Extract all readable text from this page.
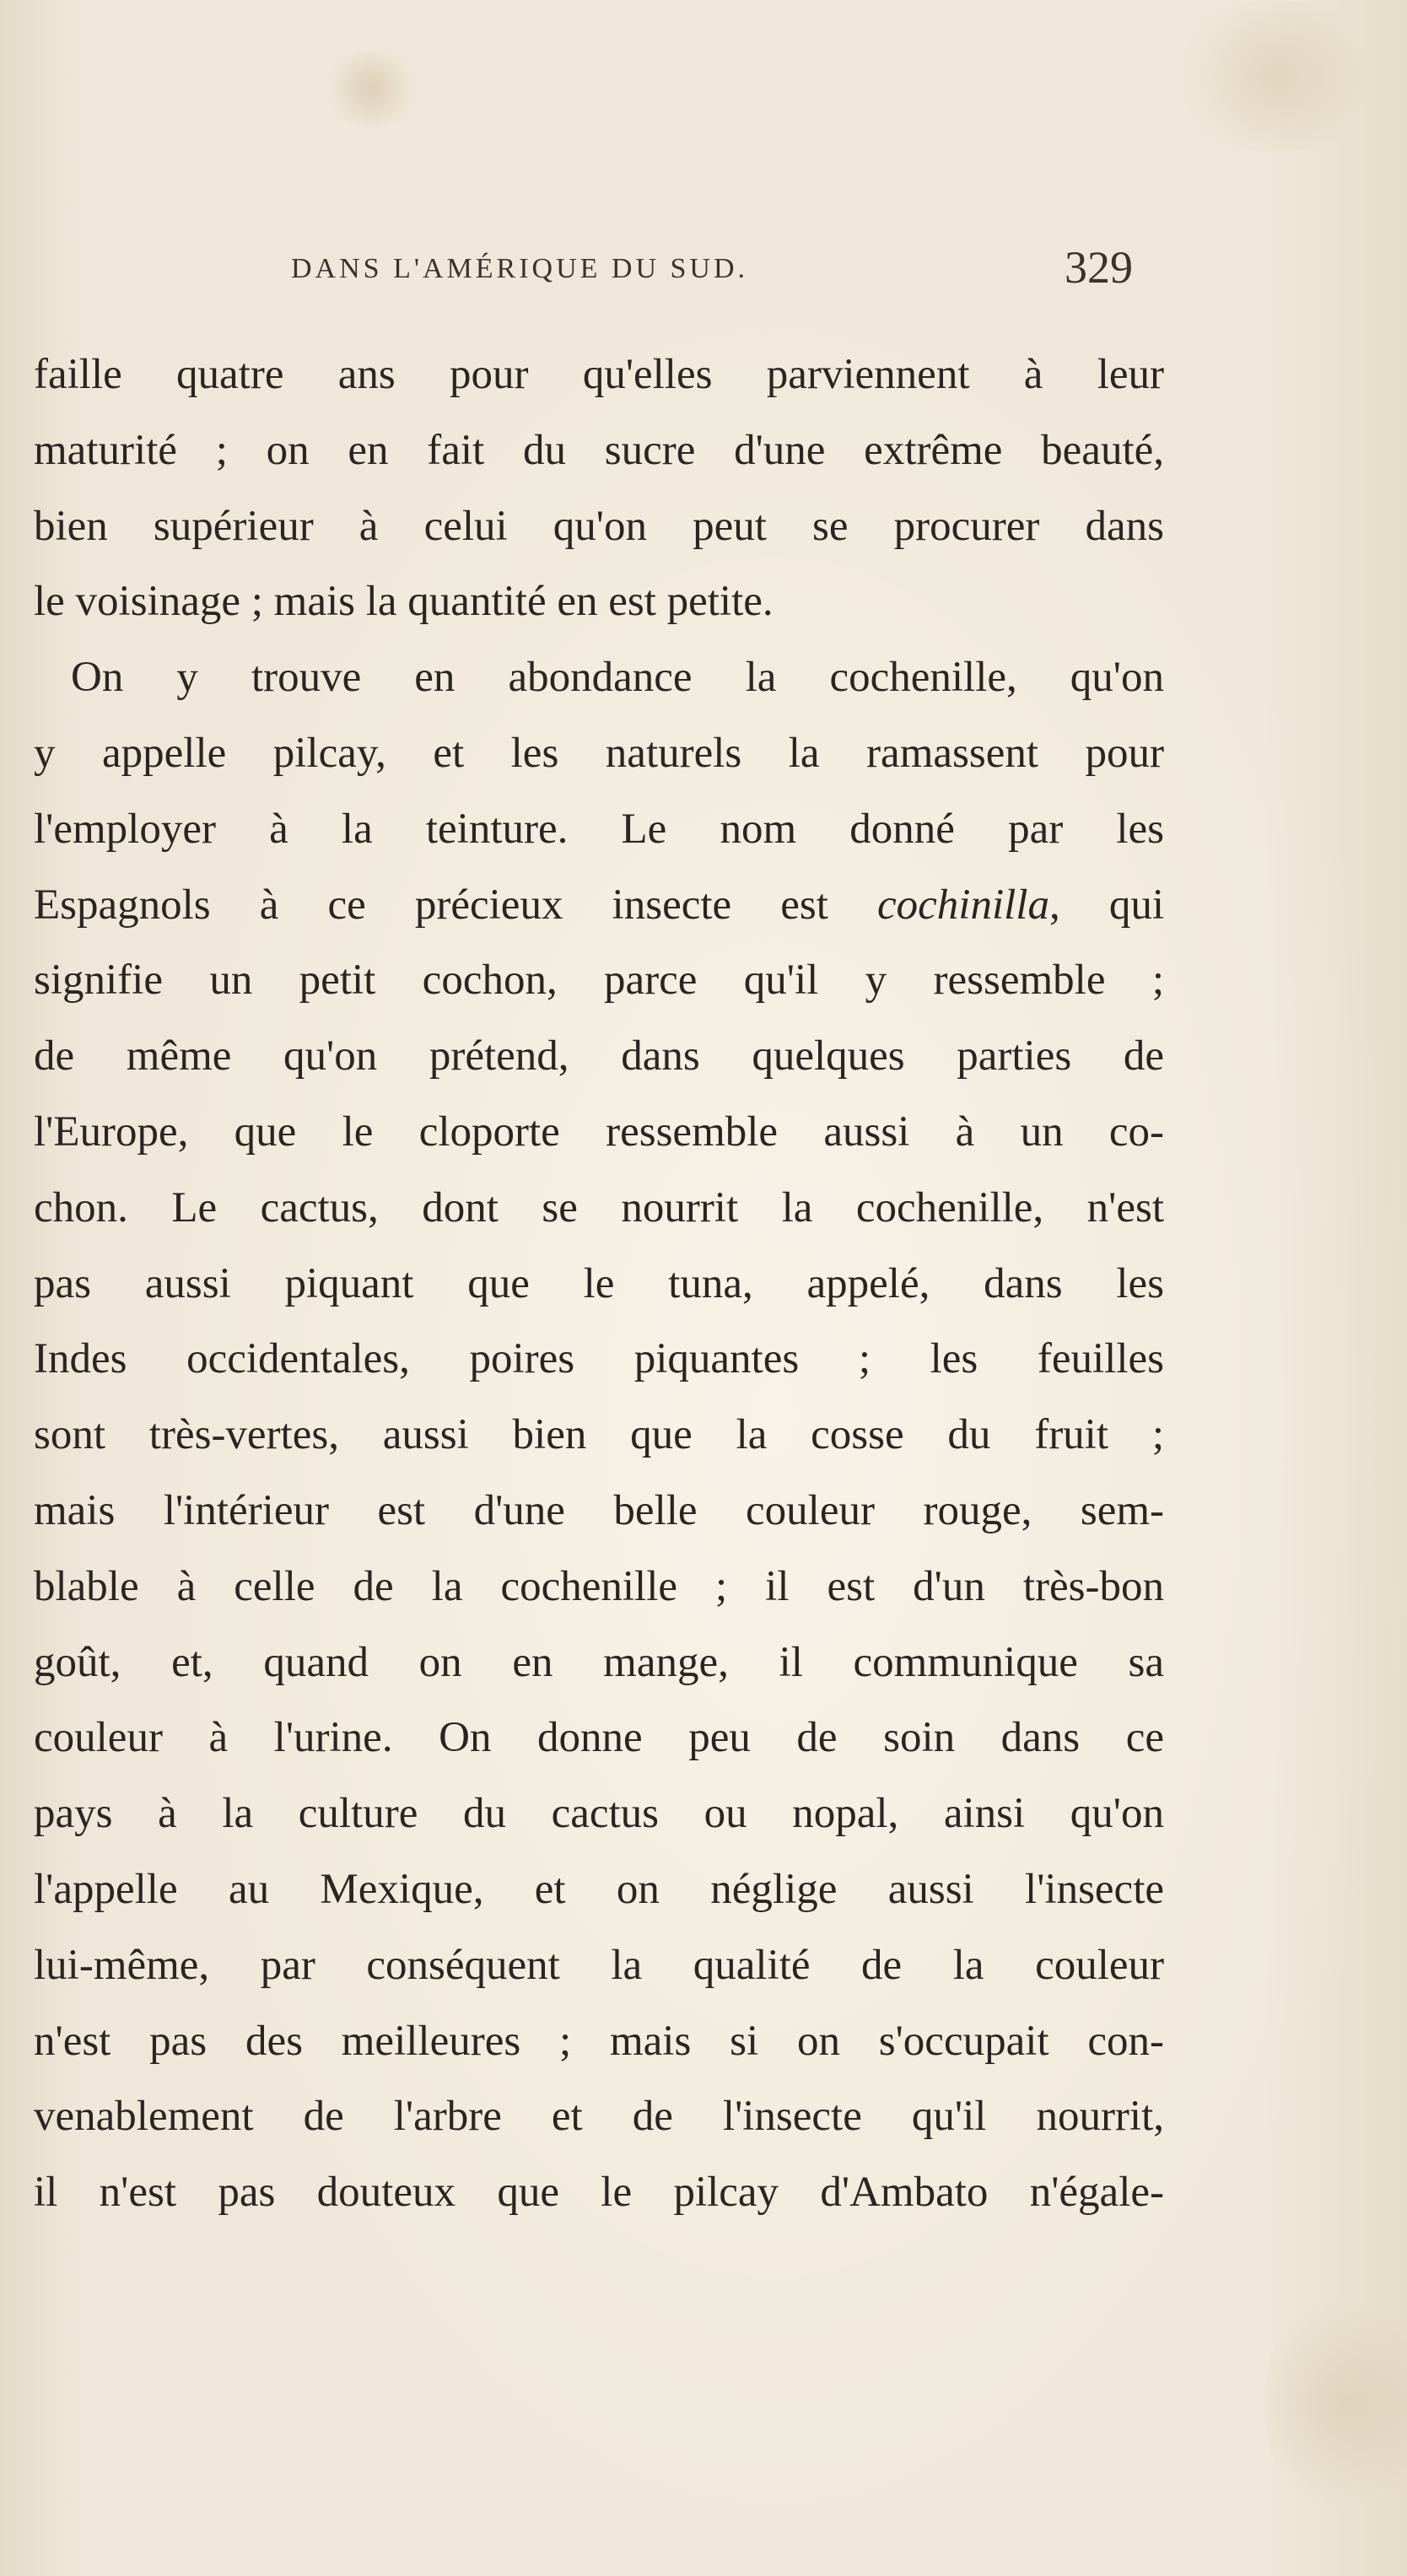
DANS L'AMÉRIQUE DU SUD.	329
faille quatre ans pour qu'elles parviennent à leur
maturité ; on en fait du sucre d'une extrême beauté,
bien supérieur à celui qu'on peut se procurer dans
le voisinage ; mais la quantité en est petite.
On y trouve en abondance la cochenille, qu'on
y appelle pilcay, et les naturels la ramassent pour
l'employer à la teinture. Le nom donné par les
Espagnols à ce précieux insecte est cochinilla, qui
signifie un petit cochon, parce qu'il y ressemble ;
de même qu'on prétend, dans quelques parties de
l'Europe, que le cloporte ressemble aussi à un co-
chon. Le cactus, dont se nourrit la cochenille, n'est
pas aussi piquant que le tuna, appelé, dans les
Indes occidentales, poires piquantes ; les feuilles
sont très-vertes, aussi bien que la cosse du fruit ;
mais l'intérieur est d'une belle couleur rouge, sem-
blable à celle de la cochenille ; il est d'un très-bon
goût, et, quand on en mange, il communique sa
couleur à l'urine. On donne peu de soin dans ce
pays à la culture du cactus ou nopal, ainsi qu'on
l'appelle au Mexique, et on néglige aussi l'insecte
lui-même, par conséquent la qualité de la couleur
n'est pas des meilleures ; mais si on s'occupait con-
venablement de l'arbre et de l'insecte qu'il nourrit,
il n'est pas douteux que le pilcay d'Ambato n'égale-
